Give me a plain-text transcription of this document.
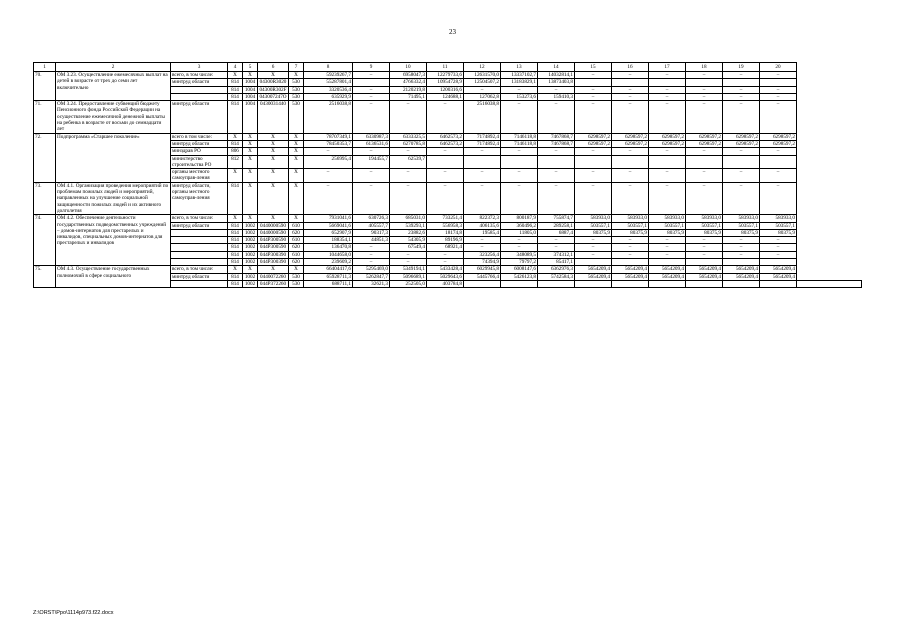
23
1	2	3	4	5	6	7	8	9	10	11	12	13	14	15	16	17	18	19	20	
70.	ОМ 3.23. Осуществление ежемесячных выплат на детей в возрасте от трех до семи лет включительно	всего, в том числе:	Х	Х	Х	Х	59239267,7	–	6958047,3	12279733,6	12631570,0	13337102,7	14032814,1	–	–	–	–	–	–	
		минтруд области	814	1004	04300R3020	530	55287801,4		4766332,4	10954728,9	12504507,2	13183829,1	13873403,8							
			814	1004	04300R302F	530	3320536,4	–	2120219,8	1200316,6	–	–	–	–	–	–	–	–	–	
			814	1004	043007247O	530	635929,9	–	71495,1	124688,1	127062,8	153273,6	159410,3	–	–	–	–	–	–	
71.	ОМ 3.24. Предоставление субвенций бюджету Пенсионного фонда Российской Федерации на осуществление ежемесячной денежной выплаты на ребенка в возрасте от восьми до семнадцати лет	минтруд области	814	1004	0430031440	530	2516038,8	–	–	–	2516038,8	–	–	–	–	–	–	–	–	
72.	Подпрограмма «Старшее поколение»	всего в том числе:	Х	Х	Х	Х	78707349,1	6330987,3	6333325,5	6462573,2	7174892,4	7146118,8	7467868,7	6298597,2	6298597,2	6298597,2	6298597,2	6298597,2	6298597,2	
		минтруд области	814	Х	Х	Х	78450353,7	6136531,6	6270785,8	6462573,2	7174892,4	7146118,8	7467868,7	6298597,2	6298597,2	6298597,2	6298597,2	6298597,2	6298597,2	
		минздрав РО	806	Х	Х	Х	–	–	–	–	–	–	–	–	–	–	–	–	–	
		министерство строительства РО	812	Х	Х	Х	256995,4	194455,7	62539,7											
		органы местного самоуправ-ления	Х	Х	Х	Х	–	–	–	–	–	–	–	–	–	–	–	–	–	
73.	ОМ 4.1. Организация проведения мероприятий по проблемам пожилых людей и мероприятий, направленных на улучшение социальной защищенности пожилых людей и их активного долголетия	минтруд области, органы местного самоуправ-ления	814	Х	Х	Х	–	–	–	–	–	–	–	–	–	–	–	–	–	
74.	ОМ 4.2. Обеспечение деятельности государственных подведомственных учреждений – домов-интернатов для престарелых и инвалидов, специальных домов-интернатов для престарелых и инвалидов	всего, в том числе:	Х	Х	Х	Х	7931041,6	630726,3	685031,0	733251,4	822372,3	800187,9	755874,7	583933,0	583933,0	583933,0	583933,0	583933,0	583933,0	
		минтруд области	814	1002	0440000590	610	5669041,6	405557,7	539293,1	556958,3	406135,6	360496,2	289258,1	503557,1	503557,1	503557,1	503557,1	503557,1	503557,1	
			814	1002	0440000590	620	652907,9	90317,3	23882,6	18174,8	19585,4	11805,0	6887,4	80375,9	80375,9	80375,9	80375,9	80375,9	80375,9	
			814	1002	044P300590	610	188354,1	44851,3	54305,9	89196,9	–	–	–	–	–	–	–	–	–	
			814	1002	044P300590	620	136470,8	–	67549,4	68921,4	–	–	–	–	–	–	–	–	–	
			814	1002	044P300390	610	1044658,0	–	–	–	323256,4	348089,5	374312,1	–	–	–	–	–	–	
			814	1002	044P300390	620	239609,2	–	–	–	74394,9	79797,2	85417,1							
75.	ОМ 4.3. Осуществление государственных полномочий в сфере социального	всего, в том числе:	Х	Х	Х	Х	66404417,6	5295469,0	5349194,1	5433428,4	6029945,8	6008147,6	6362976,3	5654209,4	5654209,4	5654209,4	5654209,4	5654209,4	5654209,4	
		минтруд области	814	1002	0440072260	530	65928711,3	5262847,7	5096689,1	5029643,6	5445766,4	5426123,8	5742584,3	5654209,4	5654209,4	5654209,4	5654209,4	5654209,4	5654209,4	
			814	1002	044P372260	530	688711,1	32621,3	252505,0	403784,8										
Z:\ORST\Ppo\1114p973.f22.docx
